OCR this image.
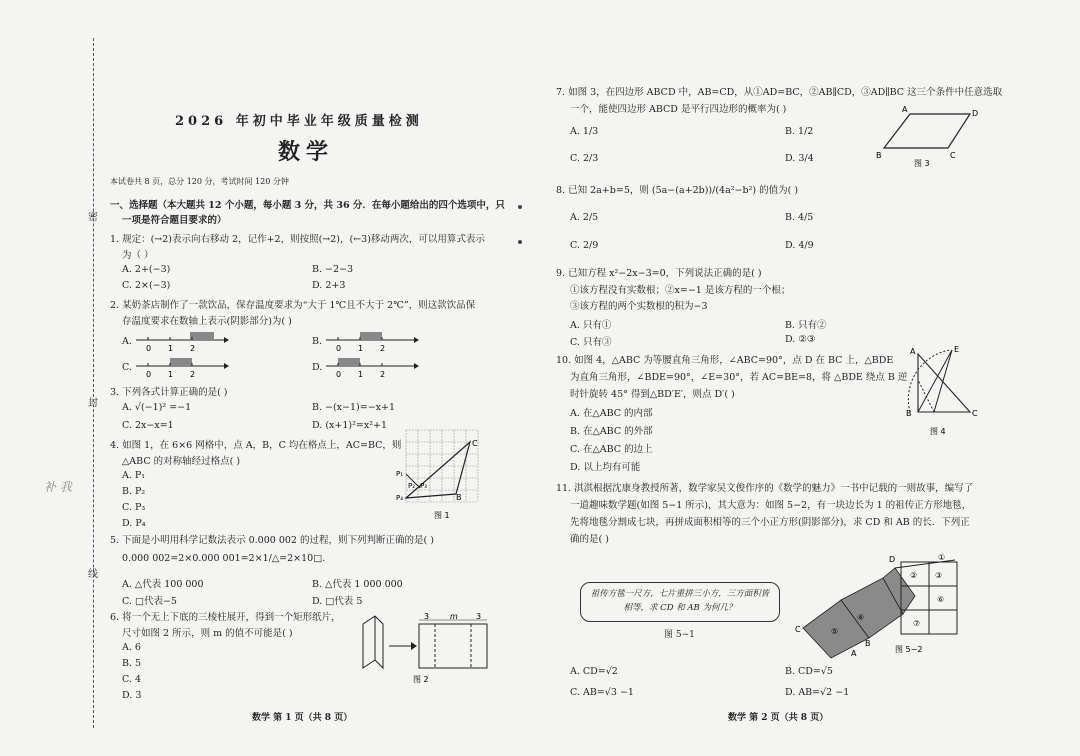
密
封
线
补 我
2026 年初中毕业年级质量检测
数学
本试卷共 8 页，总分 120 分，考试时间 120 分钟
一、选择题（本大题共 12 个小题，每小题 3 分，共 36 分．在每小题给出的四个选项中，只
一项是符合题目要求的）
1. 规定：(→2)表示向右移动 2，记作+2，则按照(→2)，(←3)移动两次，可以用算式表示
为（ ）
A. 2+(−3)	B. −2−3
C. 2×(−3)	D. 2+3
2. 某奶茶店制作了一款饮品，保存温度要求为“大于 1℃且不大于 2℃”，则这款饮品保
存温度要求在数轴上表示(阴影部分)为( )
A.	B.
C.	D.
0 1 2	0 1 2
0 1 2	0 1 2
3. 下列各式计算正确的是( )
A. √(−1)² =−1	B. −(x−1)=−x+1
C. 2x−x=1	D. (x+1)²=x²+1
4. 如图 1，在 6×6 网格中，点 A，B，C 均在格点上，AC=BC，则
△ABC 的对称轴经过格点( )
A. P₁
B. P₂
C. P₃
D. P₄
C
B
P₁
P₂ P₃
P₄
图 1
5. 下面是小明用科学记数法表示 0.000 002 的过程，则下列判断正确的是( )
0.000 002=2×0.000 001=2×1/△=2×10□.
A. △代表 100 000	B. △代表 1 000 000
C. □代表−5	D. □代表 5
6. 将一个无上下底的三棱柱展开，得到一个矩形纸片，
尺寸如图 2 所示，则 m 的值不可能是( )
A. 6
B. 5
C. 4
D. 3
3	m 3
图 2
数学 第 1 页（共 8 页）
7. 如图 3，在四边形 ABCD 中，AB=CD，从①AD=BC，②AB∥CD，③AD∥BC 这三个条件中任意选取
一个，能使四边形 ABCD 是平行四边形的概率为( )
A. 1/3	B. 1/2
C. 2/3	D. 3/4
A	D
B	C
图 3
8. 已知 2a+b=5，则 (5a−(a+2b))/(4a²−b²) 的值为( )
A. 2/5	B. 4/5
C. 2/9	D. 4/9
9. 已知方程 x²−2x−3=0，下列说法正确的是( )
①该方程没有实数根；②x=−1 是该方程的一个根；
③该方程的两个实数根的积为−3
A. 只有①	B. 只有②
C. 只有③	D. ②③
10. 如图 4，△ABC 为等腰直角三角形，∠ABC=90°，点 D 在 BC 上，△BDE
为直角三角形，∠BDE=90°，∠E=30°，若 AC=BE=8，将 △BDE 绕点 B 逆
时针旋转 45° 得到△BD′E′，则点 D′( )
A. 在△ABC 的内部
B. 在△ABC 的外部
C. 在△ABC 的边上
D. 以上均有可能
A	E
B	C
图 4
11. 淇淇根据沈康身教授所著，数学家吴文俊作序的《数学的魅力》一书中记载的一则故事，编写了
一道趣味数学题(如图 5−1 所示)，其大意为：如图 5−2，有一块边长为 1 的祖传正方形地毯，
先将地毯分割成七块，再拼成面积相等的三个小正方形(阴影部分)，求 CD 和 AB 的长．下列正
确的是( )
祖传方毯一尺方，七片重拼三小方，三方面积皆相等，求 CD 和 AB 为何几？
图 5−1
D
C
B
A
①
② ③
④
⑤
⑥
⑦
图 5−2
A. CD=√2	B. CD=√5
C. AB=√3 −1	D. AB=√2 −1
数学 第 2 页（共 8 页）
